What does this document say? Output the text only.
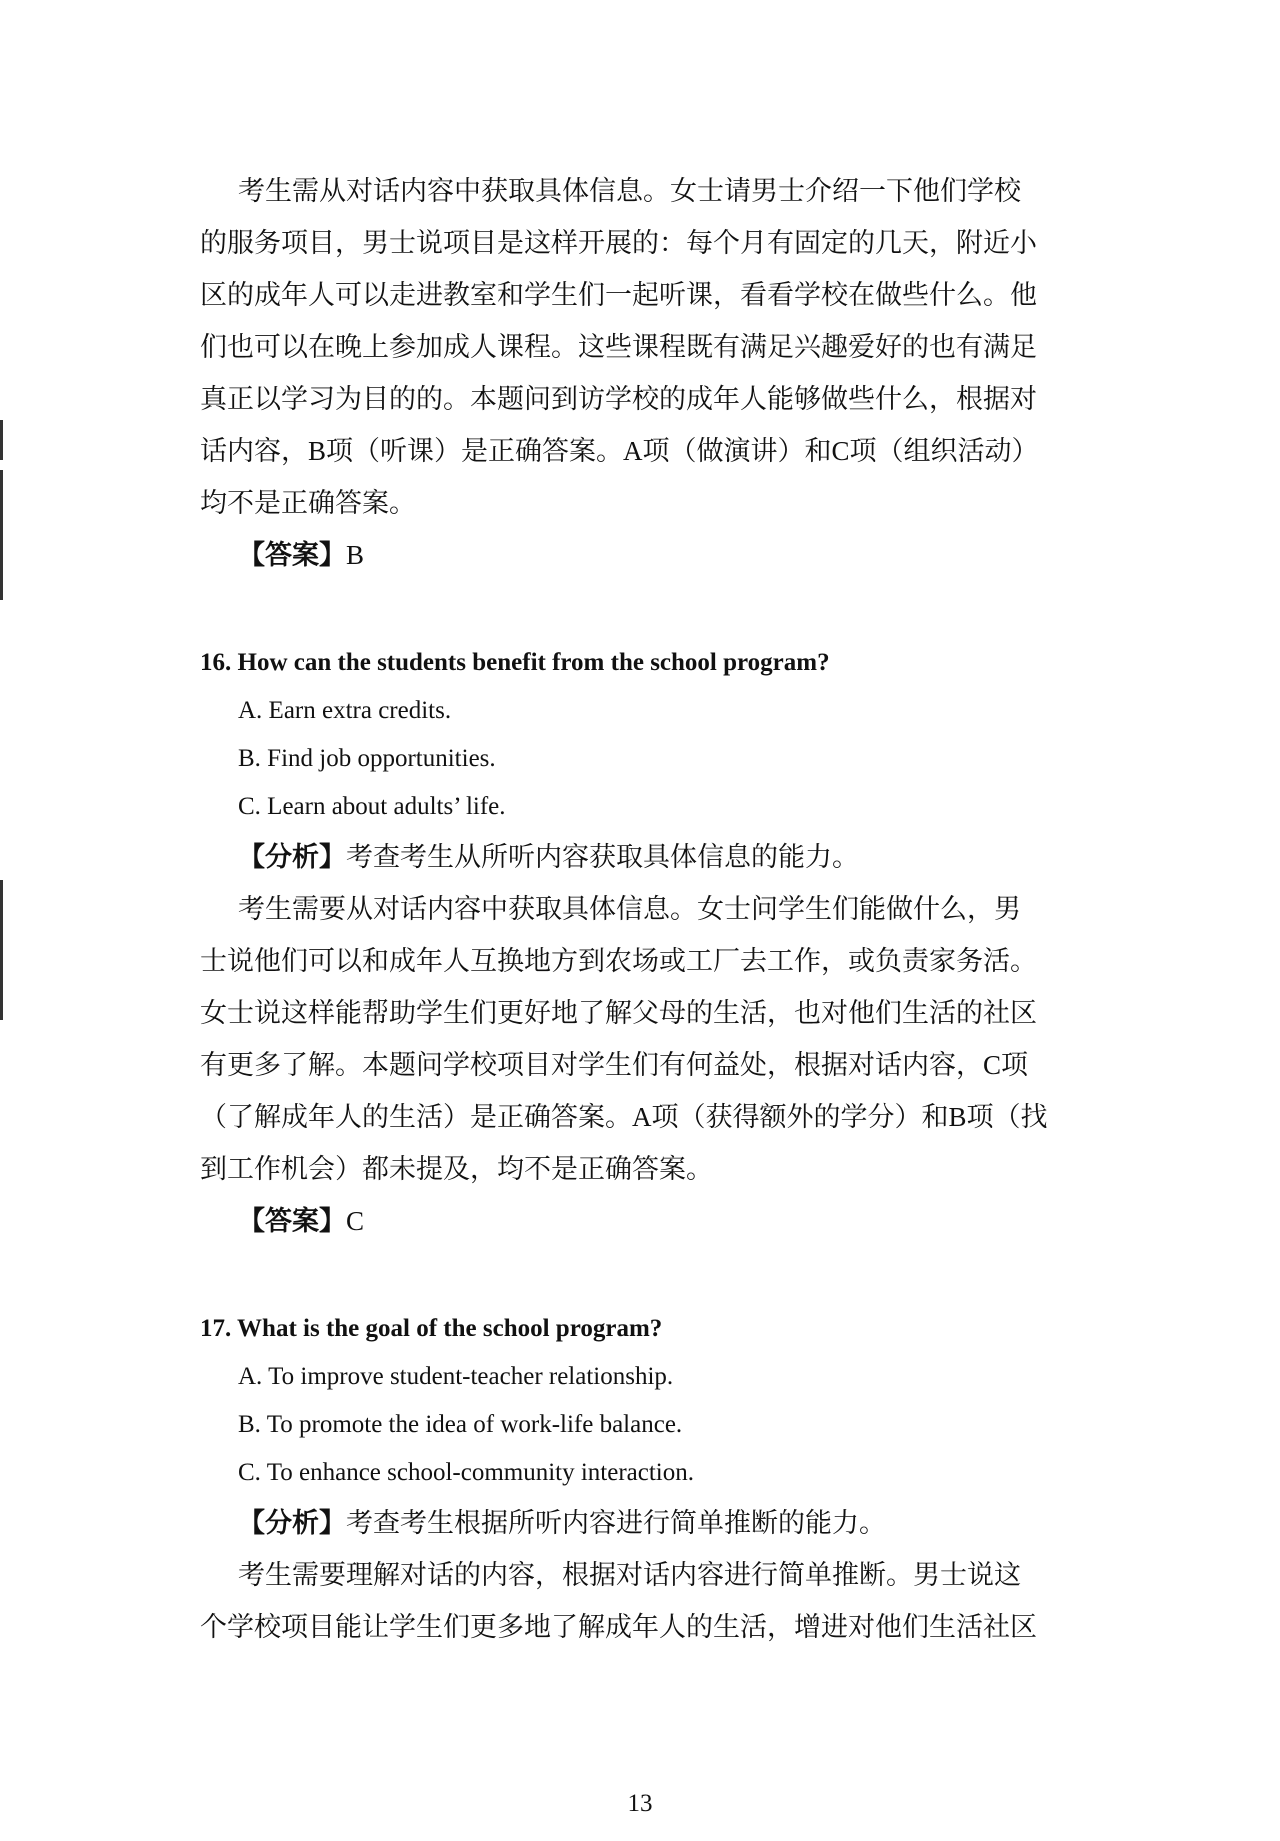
考生需从对话内容中获取具体信息。女士请男士介绍一下他们学校
的服务项目，男士说项目是这样开展的：每个月有固定的几天，附近小
区的成年人可以走进教室和学生们一起听课，看看学校在做些什么。他
们也可以在晚上参加成人课程。这些课程既有满足兴趣爱好的也有满足
真正以学习为目的的。本题问到访学校的成年人能够做些什么，根据对
话内容，B项（听课）是正确答案。A项（做演讲）和C项（组织活动）
均不是正确答案。
【答案】B
16. How can the students benefit from the school program?
A. Earn extra credits.
B. Find job opportunities.
C. Learn about adults’ life.
【分析】考查考生从所听内容获取具体信息的能力。
考生需要从对话内容中获取具体信息。女士问学生们能做什么，男
士说他们可以和成年人互换地方到农场或工厂去工作，或负责家务活。
女士说这样能帮助学生们更好地了解父母的生活，也对他们生活的社区
有更多了解。本题问学校项目对学生们有何益处，根据对话内容，C项
（了解成年人的生活）是正确答案。A项（获得额外的学分）和B项（找
到工作机会）都未提及，均不是正确答案。
【答案】C
17. What is the goal of the school program?
A. To improve student-teacher relationship.
B. To promote the idea of work-life balance.
C. To enhance school-community interaction.
【分析】考查考生根据所听内容进行简单推断的能力。
考生需要理解对话的内容，根据对话内容进行简单推断。男士说这
个学校项目能让学生们更多地了解成年人的生活，增进对他们生活社区
13
